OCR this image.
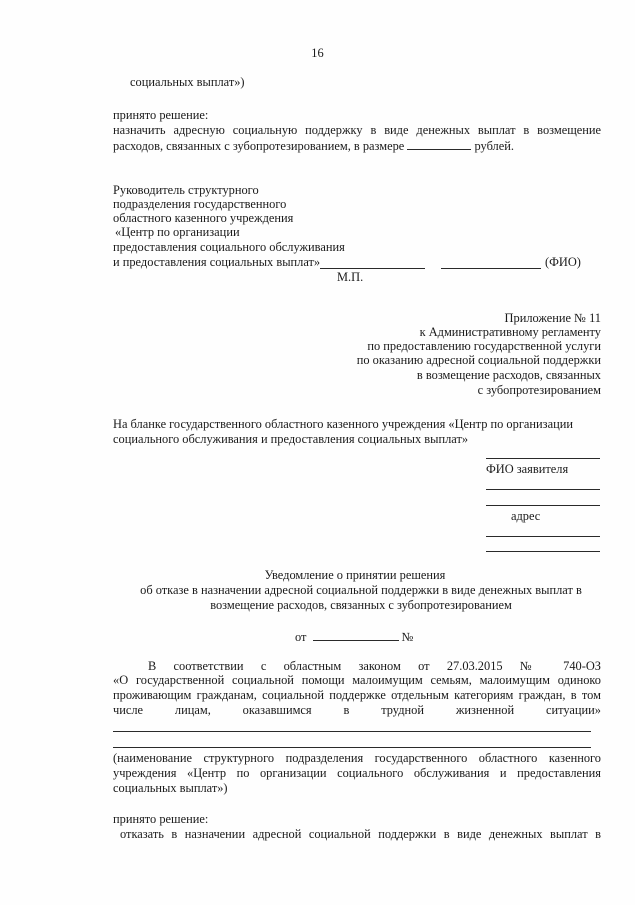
16
социальных выплат»)
принято решение:
назначить адресную социальную поддержку в виде денежных выплат в возмещение
расходов, связанных с зубопротезированием, в размере	рублей.
Руководитель структурного
подразделения государственного
областного казенного учреждения
«Центр по организации
предоставления социального обслуживания
и предоставления социальных выплат»	(ФИО)
М.П.
Приложение № 11
к Административному регламенту
по предоставлению государственной услуги
по оказанию адресной социальной поддержки
в возмещение расходов, связанных
с зубопротезированием
На бланке государственного областного казенного учреждения «Центр по организации
социального обслуживания и предоставления социальных выплат»
ФИО заявителя
адрес
Уведомление о принятии решения
об отказе в назначении адресной социальной поддержки в виде денежных выплат в
возмещение расходов, связанных с зубопротезированием
от	№
В соответствии с областным законом от 27.03.2015 № 740-ОЗ
«О государственной социальной помощи малоимущим семьям, малоимущим одиноко
проживающим гражданам, социальной поддержке отдельным категориям граждан, в том
числе лицам, оказавшимся в трудной жизненной ситуации»
(наименование структурного подразделения государственного областного казенного
учреждения «Центр по организации социального обслуживания и предоставления
социальных выплат»)
принято решение:
отказать в назначении адресной социальной поддержки в виде денежных выплат в
